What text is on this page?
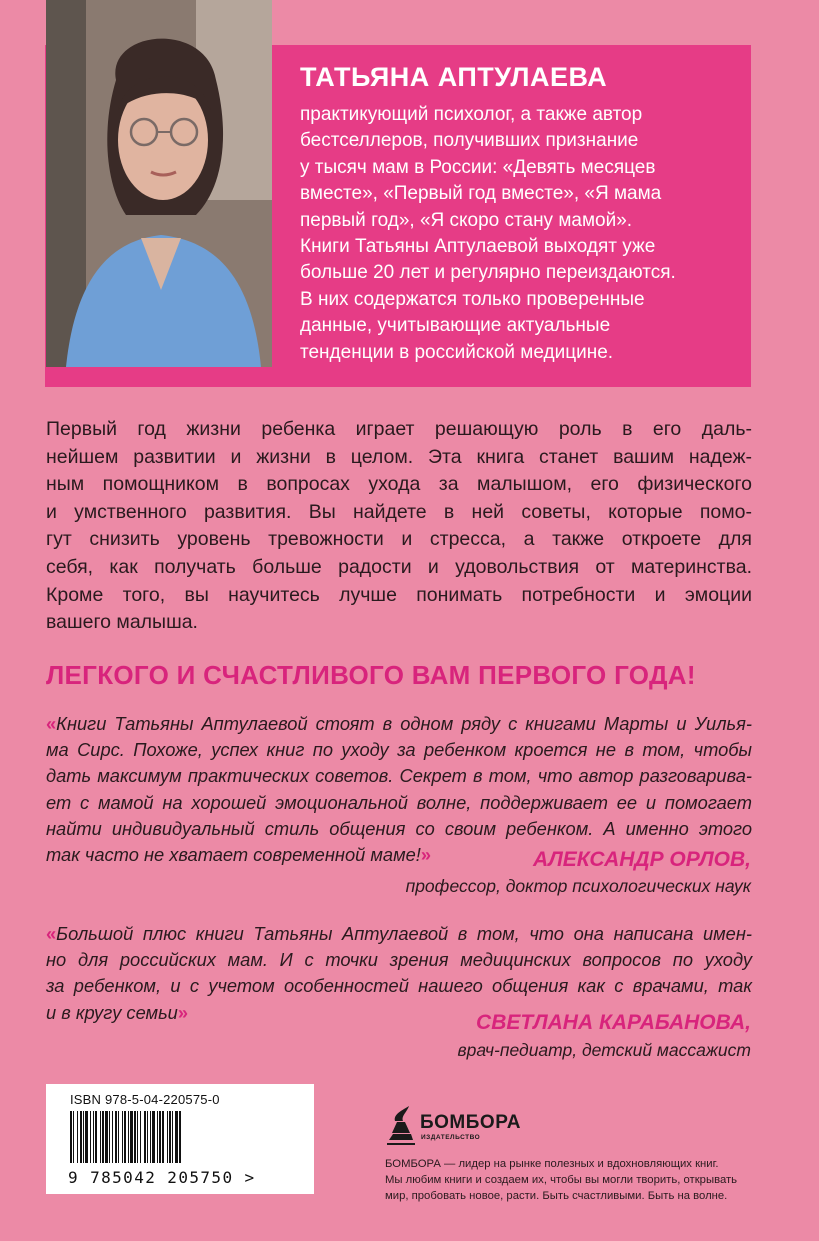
ТАТЬЯНА АПТУЛАЕВА

практикующий психолог, а также автор
бестселлеров, получивших признание
у тысяч мам в России: «Девять месяцев
вместе», «Первый год вместе», «Я мама
первый год», «Я скоро стану мамой».
Книги Татьяны Аптулаевой выходят уже
больше 20 лет и регулярно переиздаются.
В них содержатся только проверенные
данные, учитывающие актуальные
тенденции в российской медицине.

Первый год жизни ребенка играет решающую роль в его даль-
нейшем развитии и жизни в целом. Эта книга станет вашим надеж-
ным помощником в вопросах ухода за малышом, его физического
и умственного развития. Вы найдете в ней советы, которые помо-
гут снизить уровень тревожности и стресса, а также откроете для
себя, как получать больше радости и удовольствия от материнства.
Кроме того, вы научитесь лучше понимать потребности и эмоции
вашего малыша.

ЛЕГКОГО И СЧАСТЛИВОГО ВАМ ПЕРВОГО ГОДА!

«Книги Татьяны Аптулаевой стоят в одном ряду с книгами Марты и Уилья-
ма Сирс. Похоже, успех книг по уходу за ребенком кроется не в том, чтобы
дать максимум практических советов. Секрет в том, что автор разговарива-
ет с мамой на хорошей эмоциональной волне, поддерживает ее и помогает
найти индивидуальный стиль общения со своим ребенком. А именно этого
так часто не хватает современной маме!»	АЛЕКСАНДР ОРЛОВ,

профессор, доктор психологических наук

«Большой плюс книги Татьяны Аптулаевой в том, что она написана имен-
но для российских мам. И с точки зрения медицинских вопросов по уходу
за ребенком, и с учетом особенностей нашего общения как с врачами, так
и в кругу семьи»	СВЕТЛАНА КАРАБАНОВА,

врач-педиатр, детский массажист

ISBN 978-5-04-220575-0
9 785042 205750 >

БОМБОРА

ИЗДАТЕЛЬСТВО

БОМБОРА — лидер на рынке полезных и вдохновляющих книг.
Мы любим книги и создаем их, чтобы вы могли творить, открывать
мир, пробовать новое, расти. Быть счастливыми. Быть на волне.
